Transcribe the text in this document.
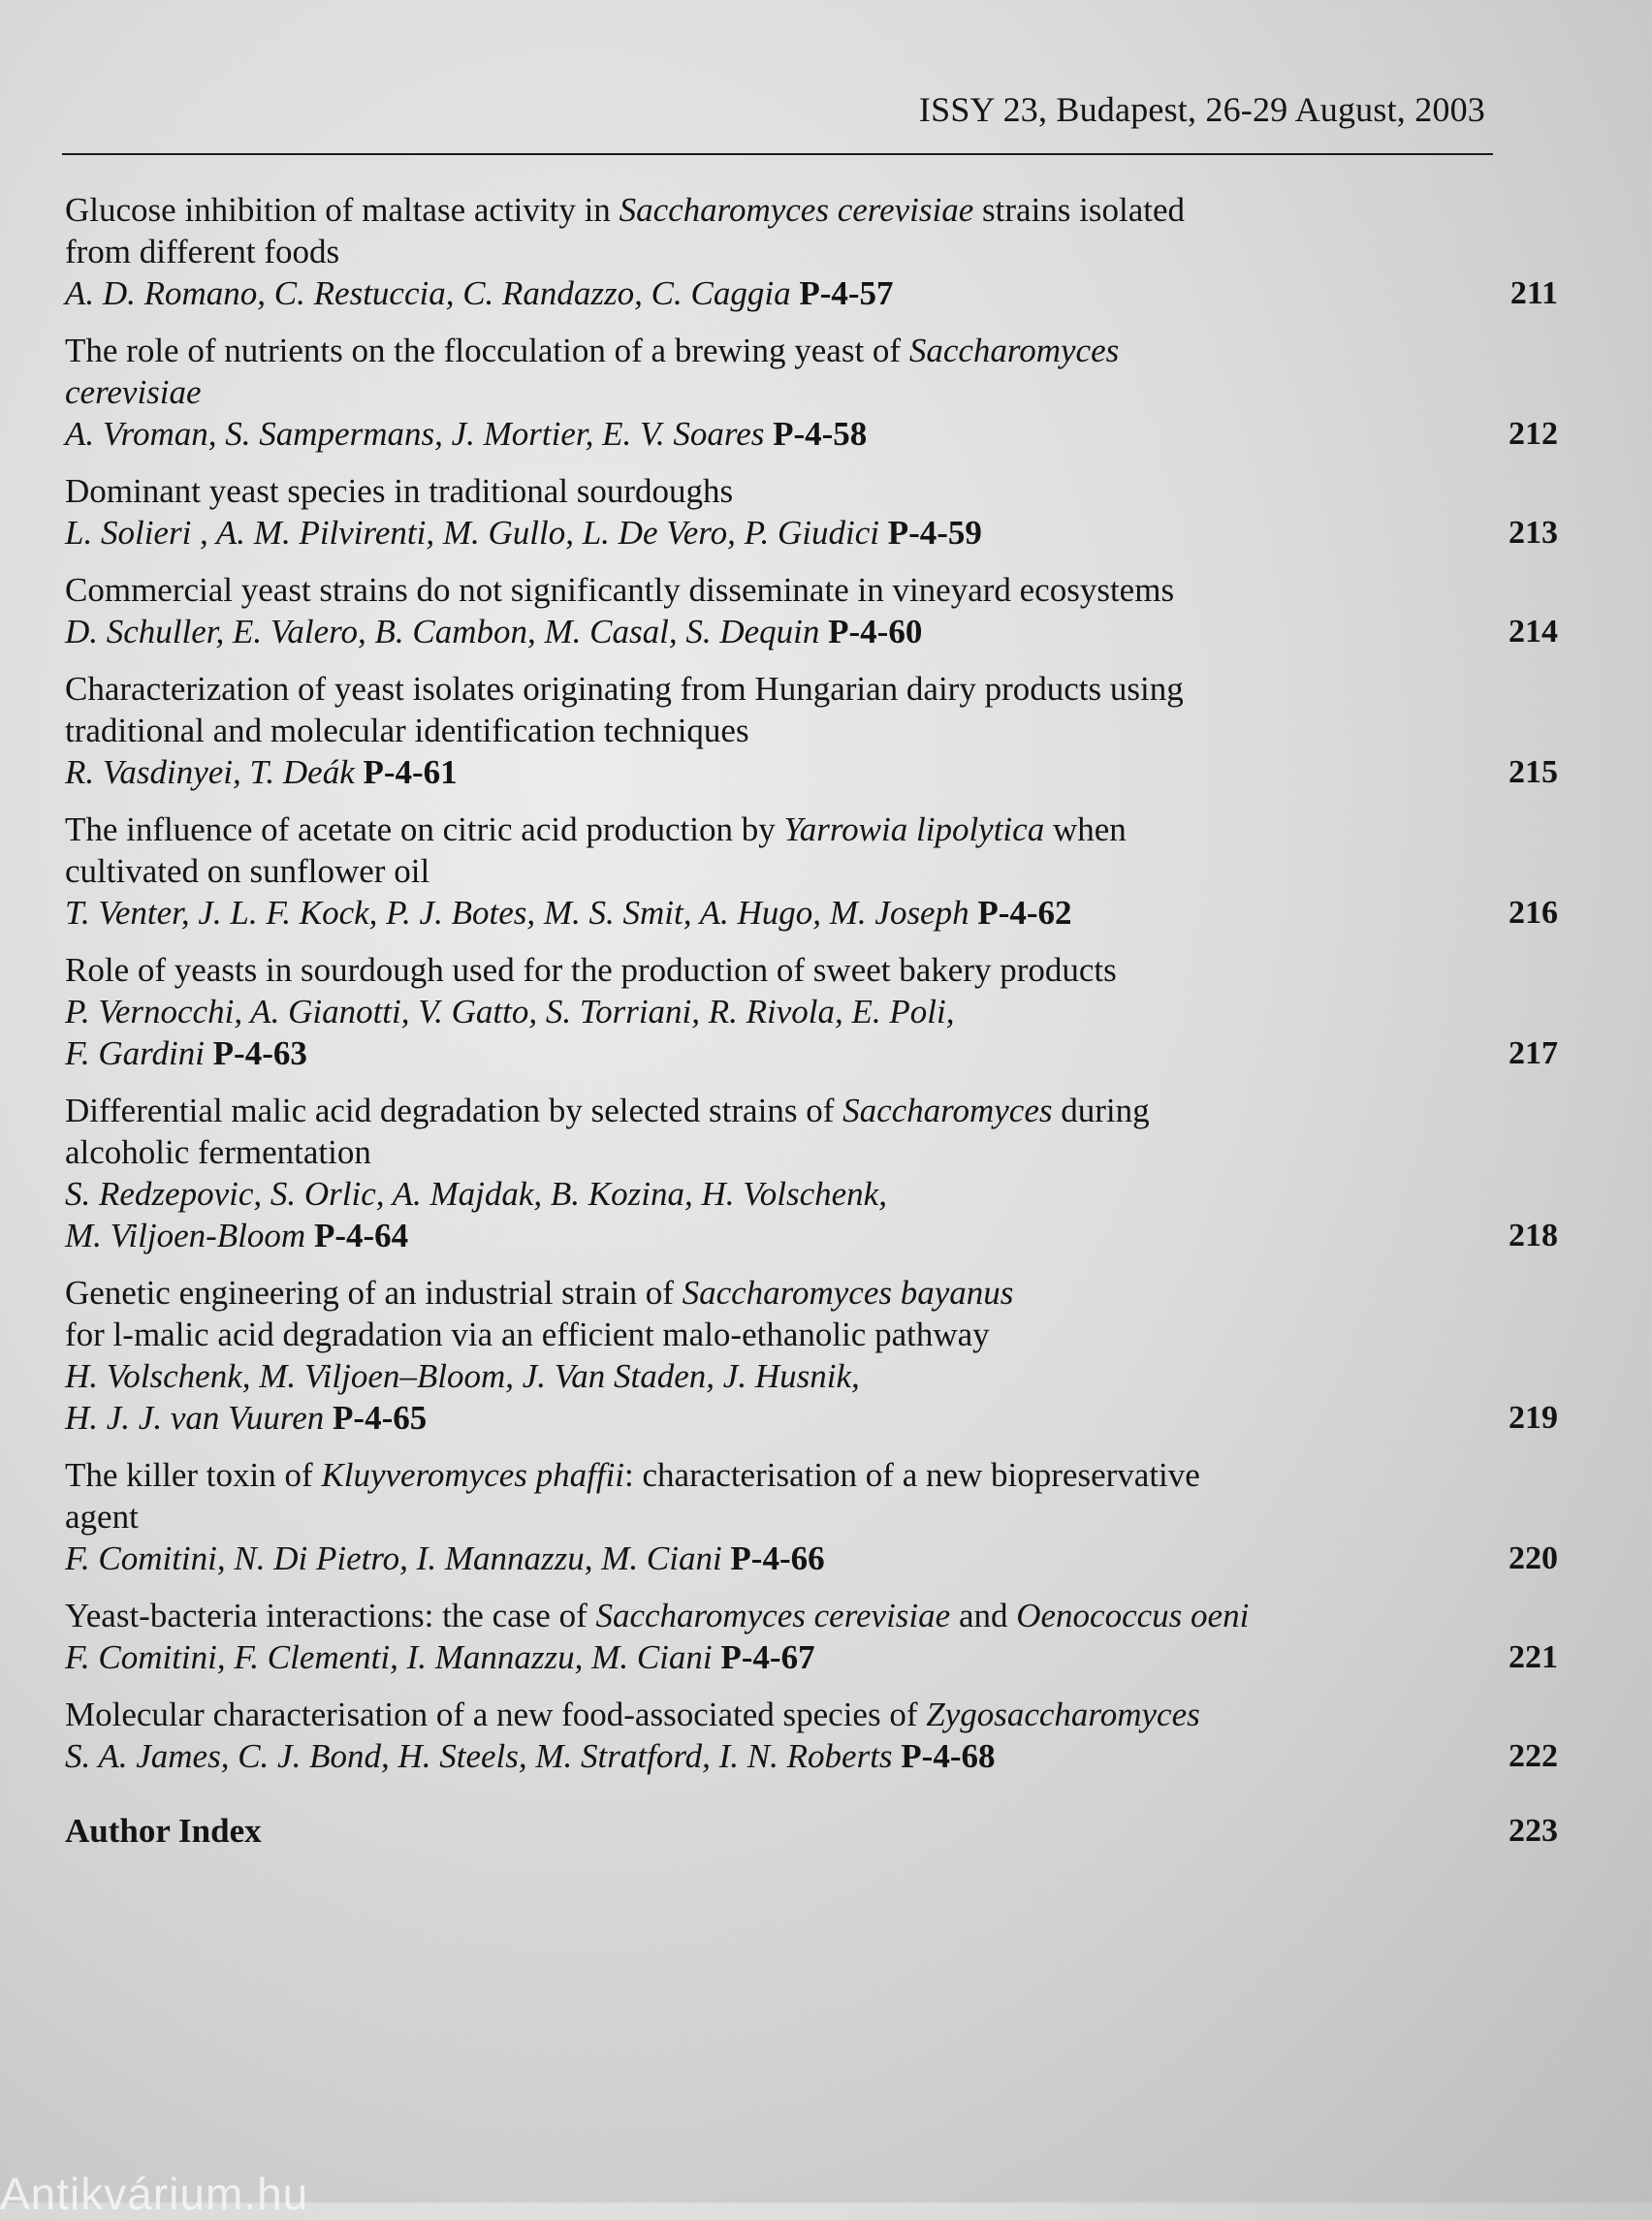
ISSY 23, Budapest, 26-29 August, 2003
Glucose inhibition of maltase activity in Saccharomyces cerevisiae strains isolated
from different foods
A. D. Romano, C. Restuccia, C. Randazzo, C. Caggia P-4-57	211
The role of nutrients on the flocculation of a brewing yeast of Saccharomyces
cerevisiae
A. Vroman, S. Sampermans, J. Mortier, E. V. Soares P-4-58	212
Dominant yeast species in traditional sourdoughs
L. Solieri , A. M. Pilvirenti, M. Gullo, L. De Vero, P. Giudici P-4-59	213
Commercial yeast strains do not significantly disseminate in vineyard ecosystems
D. Schuller, E. Valero, B. Cambon, M. Casal, S. Dequin P-4-60	214
Characterization of yeast isolates originating from Hungarian dairy products using
traditional and molecular identification techniques
R. Vasdinyei, T. Deák P-4-61	215
The influence of acetate on citric acid production by Yarrowia lipolytica when
cultivated on sunflower oil
T. Venter, J. L. F. Kock, P. J. Botes, M. S. Smit, A. Hugo, M. Joseph P-4-62	216
Role of yeasts in sourdough used for the production of sweet bakery products
P. Vernocchi, A. Gianotti, V. Gatto, S. Torriani, R. Rivola, E. Poli,
F. Gardini P-4-63	217
Differential malic acid degradation by selected strains of Saccharomyces during
alcoholic fermentation
S. Redzepovic, S. Orlic, A. Majdak, B. Kozina, H. Volschenk,
M. Viljoen-Bloom P-4-64	218
Genetic engineering of an industrial strain of Saccharomyces bayanus
for l-malic acid degradation via an efficient malo-ethanolic pathway
H. Volschenk, M. Viljoen–Bloom, J. Van Staden, J. Husnik,
H. J. J. van Vuuren P-4-65	219
The killer toxin of Kluyveromyces phaffii: characterisation of a new biopreservative
agent
F. Comitini, N. Di Pietro, I. Mannazzu, M. Ciani P-4-66	220
Yeast-bacteria interactions: the case of Saccharomyces cerevisiae and Oenococcus oeni
F. Comitini, F. Clementi, I. Mannazzu, M. Ciani P-4-67	221
Molecular characterisation of a new food-associated species of Zygosaccharomyces
S. A. James, C. J. Bond, H. Steels, M. Stratford, I. N. Roberts P-4-68	222
Author Index	223
Antikvárium.hu
